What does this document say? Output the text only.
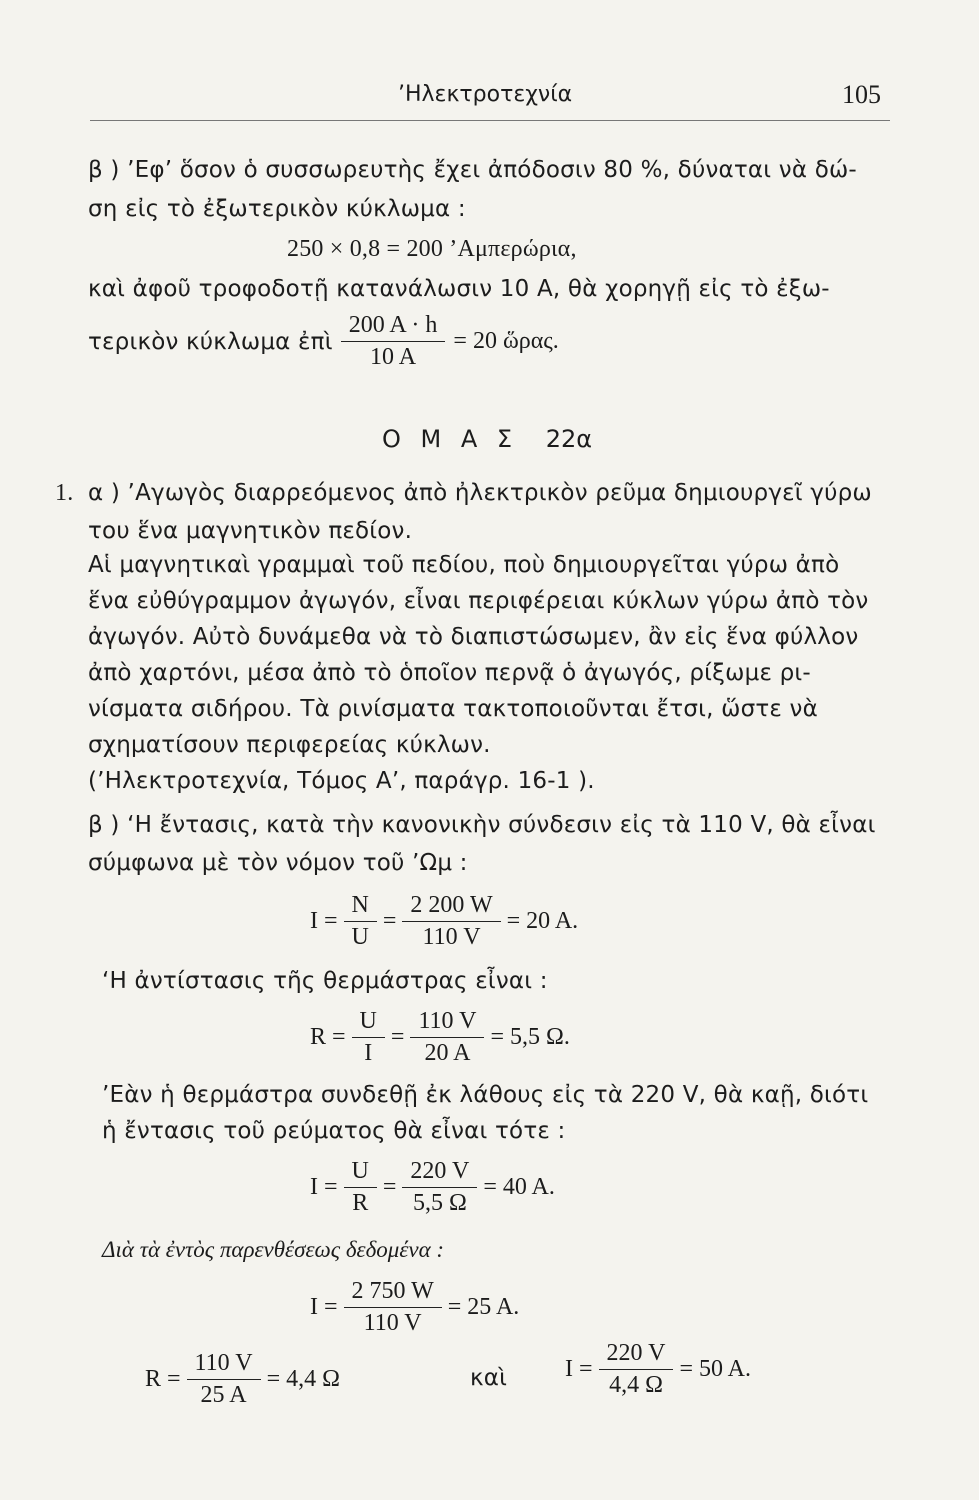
’Ηλεκτροτεχνία	105
β ) ’Εφ’ ὅσον ὁ συσσωρευτὴς ἔχει ἀπόδοσιν 80 %, δύναται νὰ δώ-
ση εἰς τὸ ἐξωτερικὸν κύκλωμα :
250 × 0,8 = 200 ’Αμπερώρια,
καὶ ἀφοῦ τροφοδοτῇ κατανάλωσιν 10 A, θὰ χορηγῇ εἰς τὸ ἐξω-
τερικὸν κύκλωμα ἐπὶ $\frac{200 A \cdot h}{10 A} = 20$ ὥρας.
Ο Μ Α Σ 22α
1. α ) ’Αγωγὸς διαρρεόμενος ἀπὸ ἠλεκτρικὸν ρεῦμα δημιουργεῖ γύρω
του ἕνα μαγνητικὸν πεδίον.
Αἱ μαγνητικαὶ γραμμαὶ τοῦ πεδίου, ποὺ δημιουργεῖται γύρω ἀπὸ
ἕνα εὐθύγραμμον ἀγωγόν, εἶναι περιφέρειαι κύκλων γύρω ἀπὸ τὸν
ἀγωγόν. Αὐτὸ δυνάμεθα νὰ τὸ διαπιστώσωμεν, ἂν εἰς ἕνα φύλλον
ἀπὸ χαρτόνι, μέσα ἀπὸ τὸ ὁποῖον περνᾷ ὁ ἀγωγός, ρίξωμε ρι-
νίσματα σιδήρου. Τὰ ρινίσματα τακτοποιοῦνται ἔτσι, ὥστε νὰ
σχηματίσουν περιφερείας κύκλων.
(’Ηλεκτροτεχνία, Τόμος Α’, παράγρ. 16-1 ).
β ) ‘Η ἔντασις, κατὰ τὴν κανονικὴν σύνδεσιν εἰς τὰ 110 V, θὰ εἶναι
σύμφωνα μὲ τὸν νόμον τοῦ ’Ωμ :
$I = \frac{N}{U} = \frac{2 200 W}{110 V} = 20$ A.
‘Η ἀντίστασις τῆς θερμάστρας εἶναι :
$R = \frac{U}{I} = \frac{110 V}{20 A} = 5,5$ Ω.
’Εὰν ἡ θερμάστρα συνδεθῇ ἐκ λάθους εἰς τὰ 220 V, θὰ καῇ, διότι
ἡ ἔντασις τοῦ ρεύματος θὰ εἶναι τότε :
$I = \frac{U}{R} = \frac{220 V}{5,5 \Omega} = 40$ A.
Διὰ τὰ ἐντὸς παρενθέσεως δεδομένα :
$I = \frac{2 750 W}{110 V} = 25$ A.
$R = \frac{110 V}{25 A} = 4,4$ Ω	καὶ $I = \frac{220 V}{4,4 \Omega} = 50$ A.
